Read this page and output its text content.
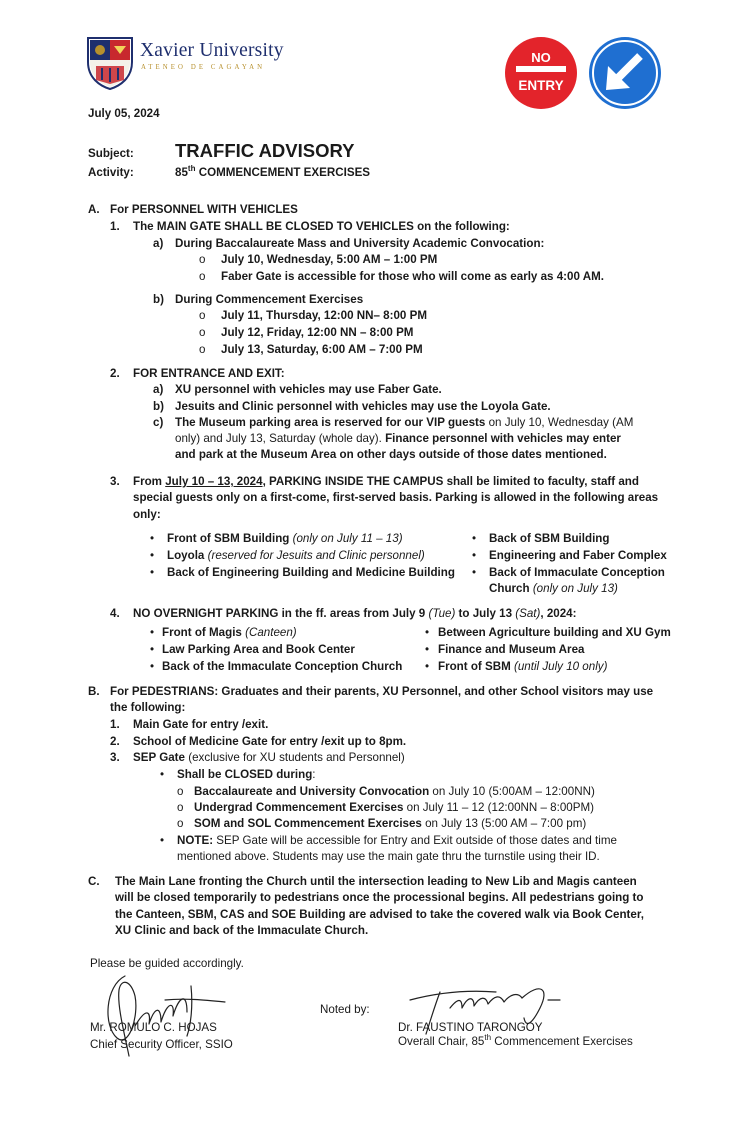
Xavier University
ATENEO DE CAGAYAN
NO
ENTRY
July 05, 2024
Subject: TRAFFIC ADVISORY
Activity:	85th COMMENCEMENT EXERCISES
A. For PERSONNEL WITH VEHICLES
1. The MAIN GATE SHALL BE CLOSED TO VEHICLES on the following:
a) During Baccalaureate Mass and University Academic Convocation:
o July 10, Wednesday, 5:00 AM – 1:00 PM
o Faber Gate is accessible for those who will come as early as 4:00 AM.
b) During Commencement Exercises
o July 11, Thursday, 12:00 NN– 8:00 PM
o July 12, Friday, 12:00 NN – 8:00 PM
o July 13, Saturday, 6:00 AM – 7:00 PM
2. FOR ENTRANCE AND EXIT:
a) XU personnel with vehicles may use Faber Gate.
b) Jesuits and Clinic personnel with vehicles may use the Loyola Gate.
c) The Museum parking area is reserved for our VIP guests on July 10, Wednesday (AM
only) and July 13, Saturday (whole day). Finance personnel with vehicles may enter
and park at the Museum Area on other days outside of those dates mentioned.
3. From July 10 – 13, 2024, PARKING INSIDE THE CAMPUS shall be limited to faculty, staff and
special guests only on a first-come, first-served basis. Parking is allowed in the following areas
only:
• Front of SBM Building (only on July 11 – 13)
• Loyola (reserved for Jesuits and Clinic personnel)
• Back of Engineering Building and Medicine Building
• Back of SBM Building
• Engineering and Faber Complex
• Back of Immaculate Conception
Church (only on July 13)
4. NO OVERNIGHT PARKING in the ff. areas from July 9 (Tue) to July 13 (Sat), 2024:
• Front of Magis (Canteen)
• Law Parking Area and Book Center
• Back of the Immaculate Conception Church
• Between Agriculture building and XU Gym
• Finance and Museum Area
• Front of SBM (until July 10 only)
B. For PEDESTRIANS: Graduates and their parents, XU Personnel, and other School visitors may use
the following:
1. Main Gate for entry /exit.
2. School of Medicine Gate for entry /exit up to 8pm.
3. SEP Gate (exclusive for XU students and Personnel)
• Shall be CLOSED during:
o Baccalaureate and University Convocation on July 10 (5:00AM – 12:00NN)
o Undergrad Commencement Exercises on July 11 – 12 (12:00NN – 8:00PM)
o SOM and SOL Commencement Exercises on July 13 (5:00 AM – 7:00 pm)
• NOTE: SEP Gate will be accessible for Entry and Exit outside of those dates and time
mentioned above. Students may use the main gate thru the turnstile using their ID.
C. The Main Lane fronting the Church until the intersection leading to New Lib and Magis canteen
will be closed temporarily to pedestrians once the processional begins. All pedestrians going to
the Canteen, SBM, CAS and SOE Building are advised to take the covered walk via Book Center,
XU Clinic and back of the Immaculate Church.
Please be guided accordingly.
Noted by:
Mr. ROMULO C. HOJAS
Chief Security Officer, SSIO
Dr. FAUSTINO TARONGOY
Overall Chair, 85th Commencement Exercises
